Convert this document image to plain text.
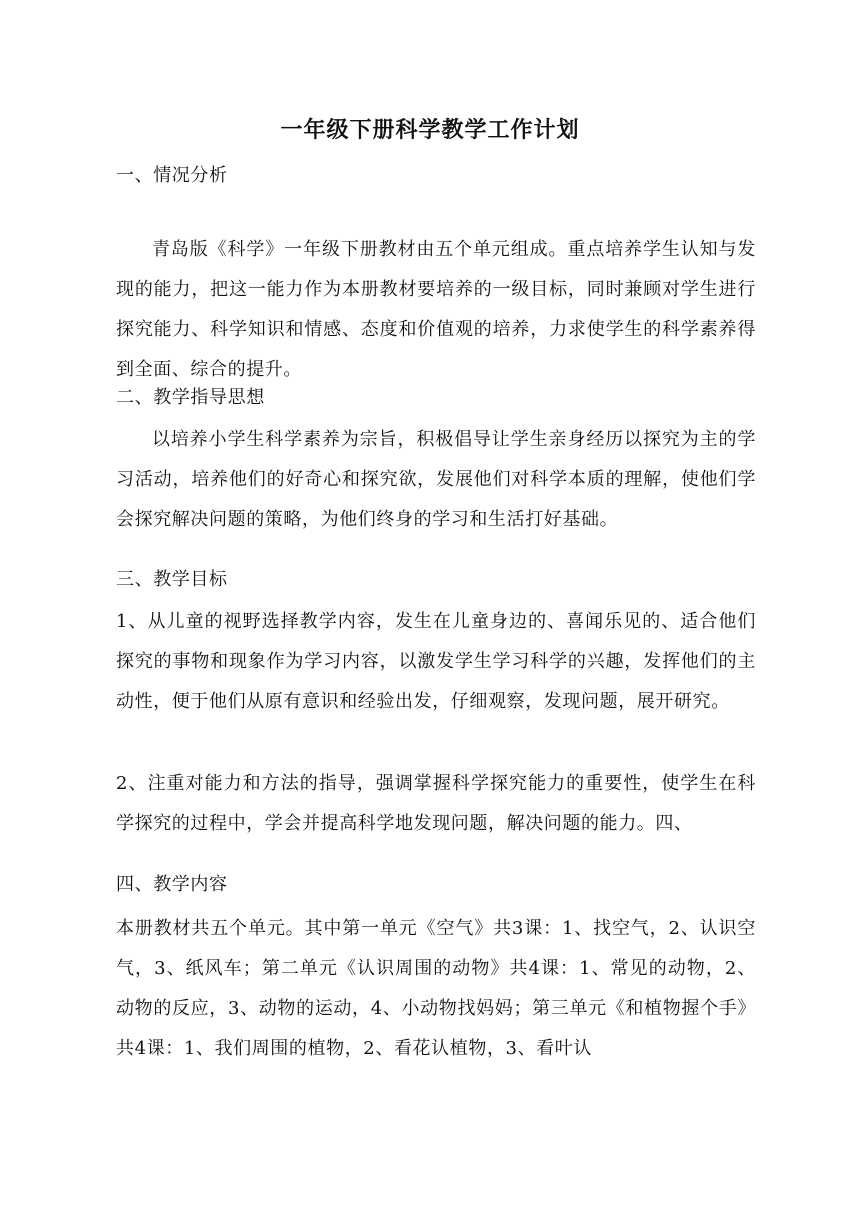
一年级下册科学教学工作计划

一、情况分析

青岛版《科学》一年级下册教材由五个单元组成。重点培养学生认知与发现的能力，把这一能力作为本册教材要培养的一级目标，同时兼顾对学生进行探究能力、科学知识和情感、态度和价值观的培养，力求使学生的科学素养得到全面、综合的提升。

二、教学指导思想

以培养小学生科学素养为宗旨，积极倡导让学生亲身经历以探究为主的学习活动，培养他们的好奇心和探究欲，发展他们对科学本质的理解，使他们学会探究解决问题的策略，为他们终身的学习和生活打好基础。

三、教学目标

1、从儿童的视野选择教学内容，发生在儿童身边的、喜闻乐见的、适合他们探究的事物和现象作为学习内容，以激发学生学习科学的兴趣，发挥他们的主动性，便于他们从原有意识和经验出发，仔细观察，发现问题，展开研究。

2、注重对能力和方法的指导，强调掌握科学探究能力的重要性，使学生在科学探究的过程中，学会并提高科学地发现问题，解决问题的能力。四、

四、教学内容

本册教材共五个单元。其中第一单元《空气》共3课：1、找空气，2、认识空气，3、纸风车；第二单元《认识周围的动物》共4课：1、常见的动物，2、动物的反应，3、动物的运动，4、小动物找妈妈；第三单元《和植物握个手》共4课：1、我们周围的植物，2、看花认植物，3、看叶认
